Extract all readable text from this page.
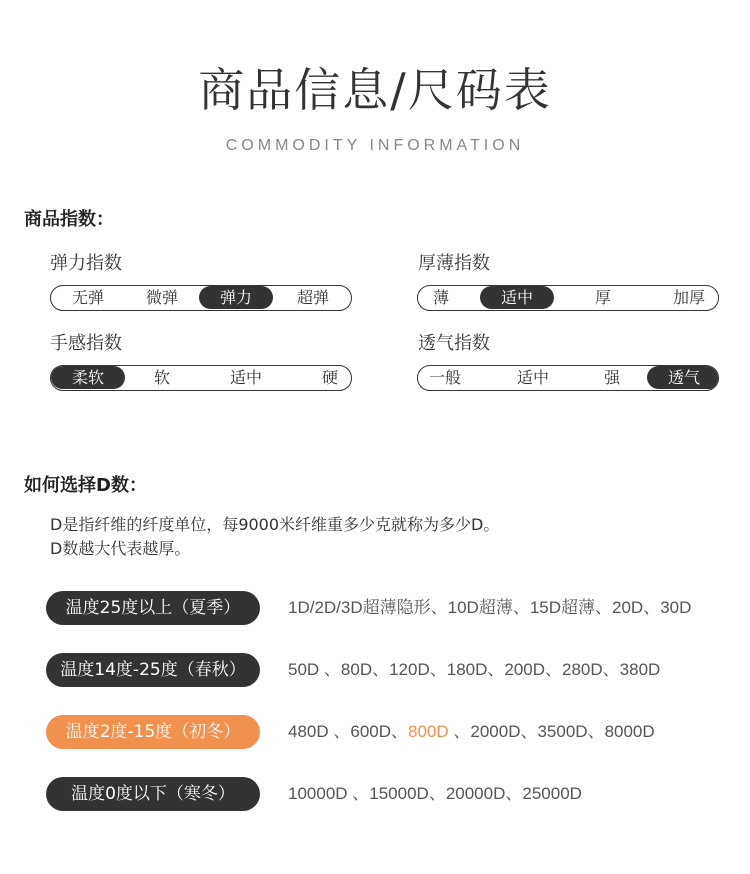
商品信息/尺码表
COMMODITY INFORMATION
商品指数：
弹力指数
无弹	微弹	弹力	超弹
厚薄指数
薄	适中	厚	加厚
手感指数
柔软	软	适中	硬
透气指数
一般	适中	强	透气
如何选择D数：
D是指纤维的纤度单位，每9000米纤维重多少克就称为多少D。
D数越大代表越厚。
温度25度以上（夏季）	1D/2D/3D超薄隐形、10D超薄、15D超薄、20D、30D
温度14度-25度（春秋）	50D 、80D、120D、180D、200D、280D、380D
温度2度-15度（初冬）	480D 、600D、800D 、2000D、3500D、8000D
温度0度以下（寒冬）	10000D 、15000D、20000D、25000D
